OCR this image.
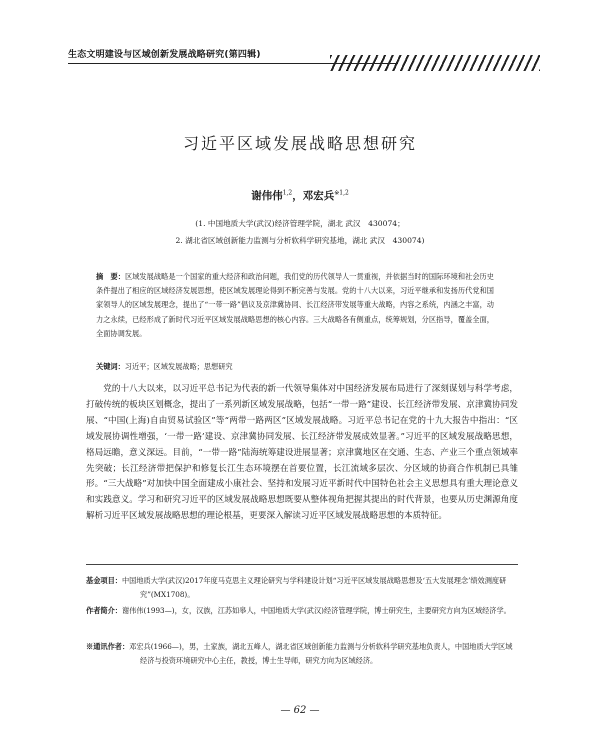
生态文明建设与区域创新发展战略研究(第四辑)
习近平区域发展战略思想研究
谢伟伟$^{1,2}$，邓宏兵$^{※1,2}$
(1. 中国地质大学(武汉)经济管理学院，湖北 武汉　430074；
2. 湖北省区域创新能力监测与分析软科学研究基地，湖北 武汉　430074)
摘　要：区域发展战略是一个国家的重大经济和政治问题，我们党的历代领导人一贯重视，并依据当时的国际环境和社会历史条件提出了相应的区域经济发展思想，使区域发展理论得到不断完善与发展。党的十八大以来，习近平继承和发扬历代党和国家领导人的区域发展理念，提出了“一带一路”倡议及京津冀协同、长江经济带发展等重大战略，内容之系统，内涵之丰富，动力之永续，已经形成了新时代习近平区域发展战略思想的核心内容。三大战略各有侧重点，统筹规划，分区指导，覆盖全面，全面协调发展。
关键词：习近平；区域发展战略；思想研究
党的十八大以来，以习近平总书记为代表的新一代领导集体对中国经济发展布局进行了深刻谋划与科学考虑，打破传统的板块区划概念，提出了一系列新区域发展战略，包括“一带一路”建设、长江经济带发展、京津冀协同发展、“中国(上海)自由贸易试验区”等“两带一路两区”区域发展战略。习近平总书记在党的十九大报告中指出：“区域发展协调性增强，‘一带一路’建设、京津冀协同发展、长江经济带发展成效显著。”习近平的区域发展战略思想，格局远瞻，意义深远。目前，“一带一路”陆海统筹建设进展显著；京津冀地区在交通、生态、产业三个重点领域率先突破；长江经济带把保护和修复长江生态环境摆在首要位置，长江流域多层次、分区域的协商合作机制已具雏形。“三大战略”对加快中国全面建成小康社会、坚持和发展习近平新时代中国特色社会主义思想具有重大理论意义和实践意义。学习和研究习近平的区域发展战略思想既要从整体视角把握其提出的时代背景，也要从历史渊源角度解析习近平区域发展战略思想的理论根基，更要深入解读习近平区域发展战略思想的本质特征。
基金项目：中国地质大学(武汉)2017年度马克思主义理论研究与学科建设计划“习近平区域发展战略思想及‘五大发展理念’绩效测度研究”(MX1708)。
作者简介：谢伟伟(1993—)，女，汉族，江苏如皋人，中国地质大学(武汉)经济管理学院，博士研究生，主要研究方向为区域经济学。
※通讯作者：邓宏兵(1966—)，男，土家族，湖北五峰人，湖北省区域创新能力监测与分析软科学研究基地负责人，中国地质大学区域经济与投资环境研究中心主任，教授，博士生导师，研究方向为区域经济。
— 62 —
